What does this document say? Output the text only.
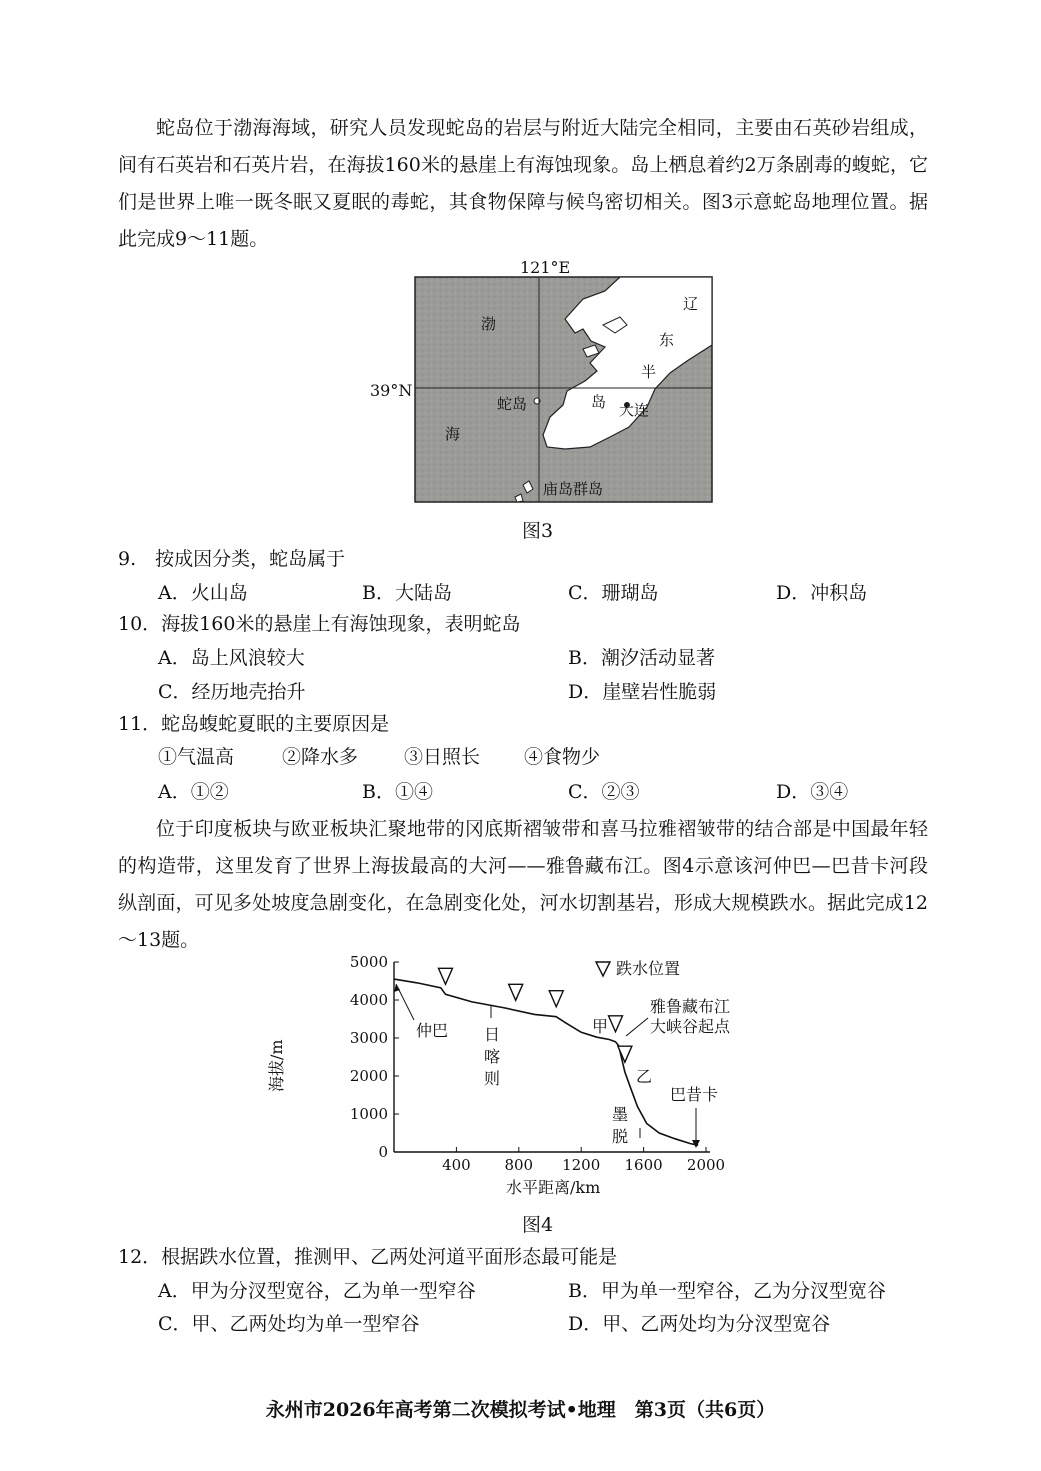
蛇岛位于渤海海域，研究人员发现蛇岛的岩层与附近大陆完全相同，主要由石英砂岩组成，间有石英岩和石英片岩，在海拔160米的悬崖上有海蚀现象。岛上栖息着约2万条剧毒的蝮蛇，它们是世界上唯一既冬眠又夏眠的毒蛇，其食物保障与候鸟密切相关。图3示意蛇岛地理位置。据此完成9～11题。
121°E
39°N
渤
海
辽
东
半
岛
蛇岛	大连
庙岛群岛
图3
9.　按成因分类，蛇岛属于
A．火山岛	B．大陆岛	C．珊瑚岛	D．冲积岛
10．海拔160米的悬崖上有海蚀现象，表明蛇岛
A．岛上风浪较大	B．潮汐活动显著
C．经历地壳抬升	D．崖壁岩性脆弱
11．蛇岛蝮蛇夏眠的主要原因是
①气温高	②降水多 ③日照长 ④食物少
A．①②	B．①④	C．②③	D．③④
位于印度板块与欧亚板块汇聚地带的冈底斯褶皱带和喜马拉雅褶皱带的结合部是中国最年轻的构造带，这里发育了世界上海拔最高的大河——雅鲁藏布江。图4示意该河仲巴—巴昔卡河段纵剖面，可见多处坡度急剧变化，在急剧变化处，河水切割基岩，形成大规模跌水。据此完成12～13题。
0
1000
2000
3000
4000
5000
400 800 1200 1600 2000
海拔/m
水平距离/km
跌水位置
仲巴 日
喀
则
甲
乙
雅鲁藏布江
大峡谷起点
墨
脱
巴昔卡
图4
12．根据跌水位置，推测甲、乙两处河道平面形态最可能是
A．甲为分汊型宽谷，乙为单一型窄谷	B．甲为单一型窄谷，乙为分汊型宽谷
C．甲、乙两处均为单一型窄谷	D．甲、乙两处均为分汊型宽谷
永州市2026年高考第二次模拟考试•地理　第3页（共6页）
